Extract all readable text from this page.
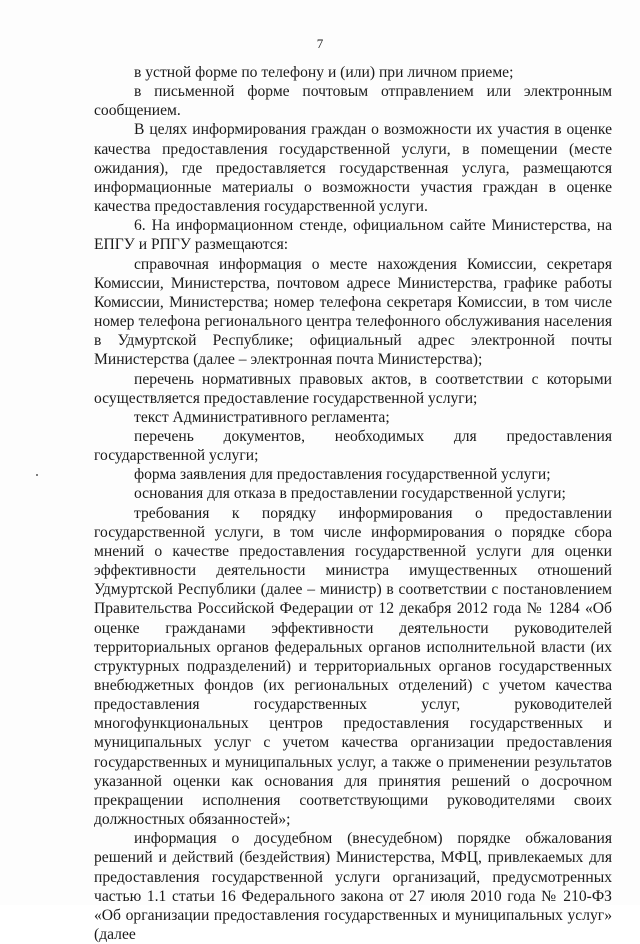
7

в устной форме по телефону и (или) при личном приеме;

в письменной форме почтовым отправлением или электронным сообщением.

В целях информирования граждан о возможности их участия в оценке качества предоставления государственной услуги, в помещении (месте ожидания), где предоставляется государственная услуга, размещаются информационные материалы о возможности участия граждан в оценке качества предоставления государственной услуги.

6. На информационном стенде, официальном сайте Министерства, на ЕПГУ и РПГУ размещаются:

справочная информация о месте нахождения Комиссии, секретаря Комиссии, Министерства, почтовом адресе Министерства, графике работы Комиссии, Министерства; номер телефона секретаря Комиссии, в том числе номер телефона регионального центра телефонного обслуживания населения в Удмуртской Республике; официальный адрес электронной почты Министерства (далее – электронная почта Министерства);

перечень нормативных правовых актов, в соответствии с которыми осуществляется предоставление государственной услуги;

текст Административного регламента;

перечень документов, необходимых для предоставления государственной услуги;

форма заявления для предоставления государственной услуги;

основания для отказа в предоставлении государственной услуги;

требования к порядку информирования о предоставлении государственной услуги, в том числе информирования о порядке сбора мнений о качестве предоставления государственной услуги для оценки эффективности деятельности министра имущественных отношений Удмуртской Республики (далее – министр) в соответствии с постановлением Правительства Российской Федерации от 12 декабря 2012 года № 1284 «Об оценке гражданами эффективности деятельности руководителей территориальных органов федеральных органов исполнительной власти (их структурных подразделений) и территориальных органов государственных внебюджетных фондов (их региональных отделений) с учетом качества предоставления государственных услуг, руководителей многофункциональных центров предоставления государственных и муниципальных услуг с учетом качества организации предоставления государственных и муниципальных услуг, а также о применении результатов указанной оценки как основания для принятия решений о досрочном прекращении исполнения соответствующими руководителями своих должностных обязанностей»;

информация о досудебном (внесудебном) порядке обжалования решений и действий (бездействия) Министерства, МФЦ, привлекаемых для предоставления государственной услуги организаций, предусмотренных частью 1.1 статьи 16 Федерального закона от 27 июля 2010 года № 210-ФЗ «Об организации предоставления государственных и муниципальных услуг» (далее
